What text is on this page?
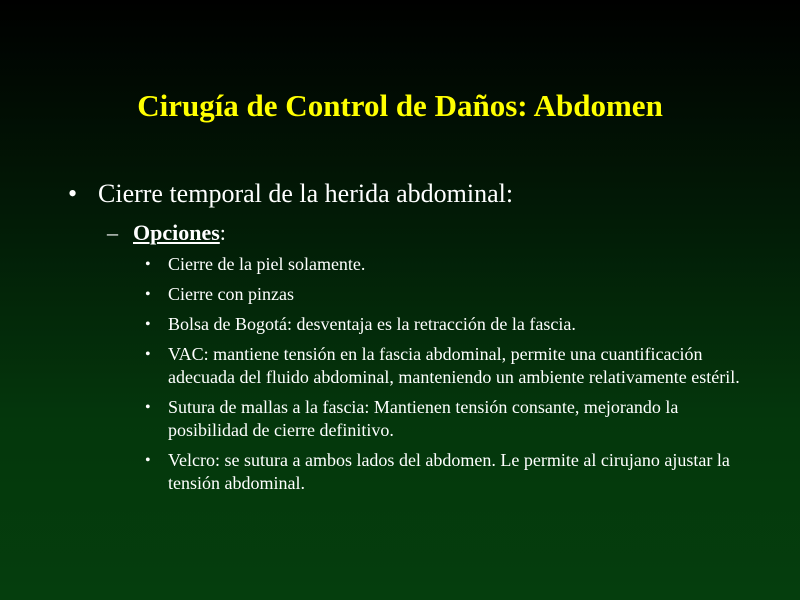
Cirugía de Control de Daños: Abdomen
• Cierre temporal de la herida abdominal:
– Opciones:
• Cierre de la piel solamente.
• Cierre con pinzas
• Bolsa de Bogotá: desventaja es la retracción de la fascia.
• VAC: mantiene tensión en la fascia abdominal, permite una cuantificación adecuada del fluido abdominal, manteniendo un ambiente relativamente estéril.
• Sutura de mallas a la fascia: Mantienen tensión consante, mejorando la posibilidad de cierre definitivo.
• Velcro: se sutura a ambos lados del abdomen. Le permite al cirujano ajustar la tensión abdominal.
